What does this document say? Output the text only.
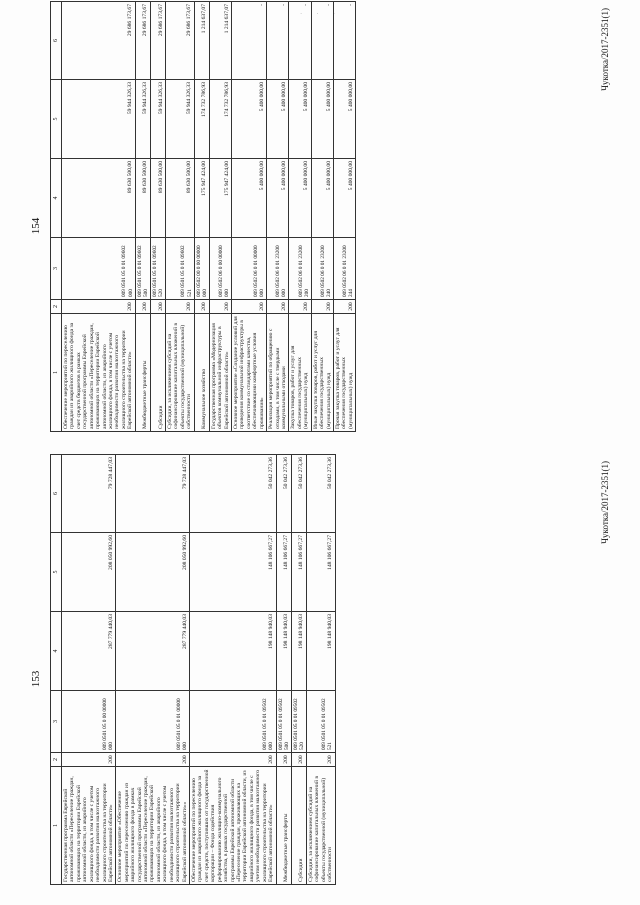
· · ·
154
1	2	3	4	5	6
Обеспечение мероприятий по переселению граждан из аварийного жилищного фонда за счет средств бюджетов в рамках государственной программы Еврейской автономной области «Переселение граждан, проживающих на территории Еврейской автономной области, из аварийного жилищного фонда, в том числе с учетом необходимости развития малоэтажного жилищного строительства на территории Еврейской автономной области»	200	009 0501 05 0 01 09602 000	89 630 500,00	59 944 326,33	29 686 173,67
Межбюджетные трансферты	200	009 0501 05 0 01 09602 500	89 630 500,00	59 944 326,33	29 686 173,67
Субсидии	200	009 0501 05 0 01 09602 520	89 630 500,00	59 944 326,33	29 686 173,67
Субсидии, за исключением субсидий на софинансирование капитальных вложений в объекты государственной (муниципальной) собственности	200	009 0501 05 0 01 09602 521	89 630 500,00	59 944 326,33	29 686 173,67
Коммунальное хозяйство	200	009 0502 00 0 00 00000 000	175 947 424,00	174 732 786,93	1 214 637,07
Государственная программа «Модернизация объектов коммунальной инфраструктуры в Еврейской автономной области»	200	009 0502 06 0 00 00000 000	175 947 424,00	174 732 786,93	1 214 637,07
Основное мероприятие «Создание условий для приведения коммунальной инфраструктуры в соответствие со стандартами качества, обеспечивающими комфортные условия проживания»	200	009 0502 06 0 01 00000 000	5 400 000,00	5 400 000,00	-
Реализация мероприятий по обращению с отходами, в том числе с твердыми коммунальными отходами	200	009 0502 06 0 01 23200 000	5 400 000,00	5 400 000,00	-
Закупка товаров, работ и услуг для обеспечения государственных (муниципальных) нужд	200	009 0502 06 0 01 23200 200	5 400 000,00	5 400 000,00	-
Иные закупки товаров, работ и услуг для обеспечения государственных (муниципальных) нужд	200	009 0502 06 0 01 23200 240	5 400 000,00	5 400 000,00	-
Прочая закупка товаров, работ и услуг для обеспечения государственных (муниципальных) нужд	200	009 0502 06 0 01 23200 244	5 400 000,00	5 400 000,00	-
Чукотка/2017-2351(1)
153
1	2	3	4	5	6
Государственная программа Еврейской автономной области «Переселение граждан, проживающих на территории Еврейской автономной области, из аварийного жилищного фонда, в том числе с учетом необходимости развития малоэтажного жилищного строительства на территории Еврейской автономной области»	200	009 0501 05 0 00 00000 000	287 779 440,03	208 050 992,60	79 728 447,03
Основное мероприятие «Обеспечение мероприятий по переселению граждан из аварийного жилищного фонда в рамках государственной программы Еврейской автономной области «Переселение граждан, проживающих на территории Еврейской автономной области, из аварийного жилищного фонда, в том числе с учетом необходимости развития малоэтажного жилищного строительства на территории Еврейской автономной области»»	200	009 0501 05 0 01 00000 000	287 779 440,03	208 050 992,60	79 728 447,03
Обеспечение мероприятий по переселению граждан из аварийного жилищного фонда за счет средств, поступивших от государственной корпорации – Фонда содействия реформированию жилищно-коммунального хозяйства, в рамках государственной программы Еврейской автономной области «Переселение граждан, проживающих на территории Еврейской автономной области, из аварийного жилищного фонда, в том числе с учетом необходимости развития малоэтажного жилищного строительства на территории Еврейской автономной области»	200	009 0501 05 0 01 09502 000	198 148 940,03	148 106 667,27	50 042 273,36
Межбюджетные трансферты	200	009 0501 05 0 01 09502 500	198 148 940,03	148 106 667,27	50 042 273,36
Субсидии	200	009 0501 05 0 01 09502 520	198 148 940,03	148 106 667,27	50 042 273,36
Субсидии, за исключением субсидий на софинансирование капитальных вложений в объекты государственной (муниципальной) собственности	200	009 0501 05 0 01 09502 521	198 148 940,03	148 106 667,27	50 042 273,36	Чукотка/2017-2351(1)
